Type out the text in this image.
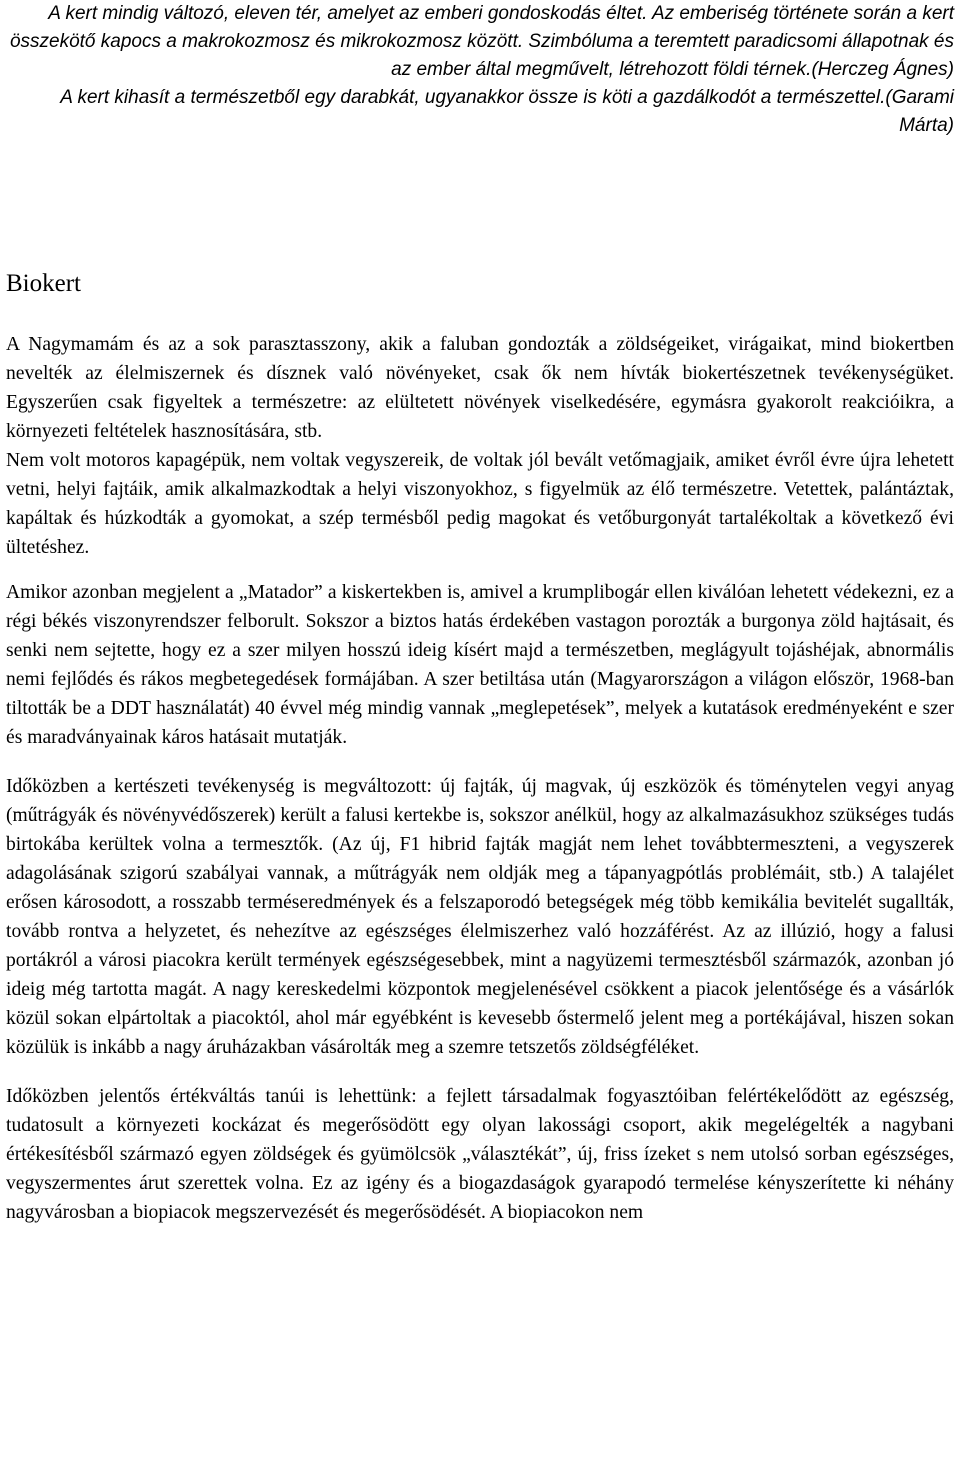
A kert mindig változó, eleven tér, amelyet az emberi gondoskodás éltet. Az emberiség története során a kert összekötő kapocs a makrokozmosz és mikrokozmosz között. Szimbóluma a teremtett paradicsomi állapotnak és az ember által megművelt, létrehozott földi térnek.(Herczeg Ágnes)
A kert kihasít a természetből egy darabkát, ugyanakkor össze is köti a gazdálkodót a természettel.(Garami Márta)
Biokert

A Nagymamám és az a sok parasztasszony, akik a faluban gondozták a zöldségeiket, virágaikat, mind biokertben nevelték az élelmiszernek és dísznek való növényeket, csak ők nem hívták biokertészetnek tevékenységüket. Egyszerűen csak figyeltek a természetre: az elültetett növények viselkedésére, egymásra gyakorolt reakcióikra, a környezeti feltételek hasznosítására, stb.

Nem volt motoros kapagépük, nem voltak vegyszereik, de voltak jól bevált vetőmagjaik, amiket évről évre újra lehetett vetni, helyi fajtáik, amik alkalmazkodtak a helyi viszonyokhoz, s figyelmük az élő természetre. Vetettek, palántáztak, kapáltak és húzkodták a gyomokat, a szép termésből pedig magokat és vetőburgonyát tartalékoltak a következő évi ültetéshez.

Amikor azonban megjelent a „Matador” a kiskertekben is, amivel a krumplibogár ellen kiválóan lehetett védekezni, ez a régi békés viszonyrendszer felborult. Sokszor a biztos hatás érdekében vastagon porozták a burgonya zöld hajtásait, és senki nem sejtette, hogy ez a szer milyen hosszú ideig kísért majd a természetben, meglágyult tojáshéjak, abnormális nemi fejlődés és rákos megbetegedések formájában. A szer betiltása után (Magyarországon a világon először, 1968-ban tiltották be a DDT használatát) 40 évvel még mindig vannak „meglepetések”, melyek a kutatások eredményeként e szer és maradványainak káros hatásait mutatják.

Időközben a kertészeti tevékenység is megváltozott: új fajták, új magvak, új eszközök és töménytelen vegyi anyag (műtrágyák és növényvédőszerek) került a falusi kertekbe is, sokszor anélkül, hogy az alkalmazásukhoz szükséges tudás birtokába kerültek volna a termesztők. (Az új, F1 hibrid fajták magját nem lehet továbbtermeszteni, a vegyszerek adagolásának szigorú szabályai vannak, a műtrágyák nem oldják meg a tápanyagpótlás problémáit, stb.) A talajélet erősen károsodott, a rosszabb terméseredmények és a felszaporodó betegségek még több kemikália bevitelét sugallták, tovább rontva a helyzetet, és nehezítve az egészséges élelmiszerhez való hozzáférést. Az az illúzió, hogy a falusi portákról a városi piacokra került termények egészségesebbek, mint a nagyüzemi termesztésből származók, azonban jó ideig még tartotta magát. A nagy kereskedelmi központok megjelenésével csökkent a piacok jelentősége és a vásárlók közül sokan elpártoltak a piacoktól, ahol már egyébként is kevesebb őstermelő jelent meg a portékájával, hiszen sokan közülük is inkább a nagy áruházakban vásárolták meg a szemre tetszetős zöldségféléket.

Időközben jelentős értékváltás tanúi is lehettünk: a fejlett társadalmak fogyasztóiban felértékelődött az egészség, tudatosult a környezeti kockázat és megerősödött egy olyan lakossági csoport, akik megelégelték a nagybani értékesítésből származó egyen zöldségek és gyümölcsök „választékát”, új, friss ízeket s nem utolsó sorban egészséges, vegyszermentes árut szerettek volna. Ez az igény és a biogazdaságok gyarapodó termelése kényszerítette ki néhány nagyvárosban a biopiacok megszervezését és megerősödését. A biopiacokon nem
